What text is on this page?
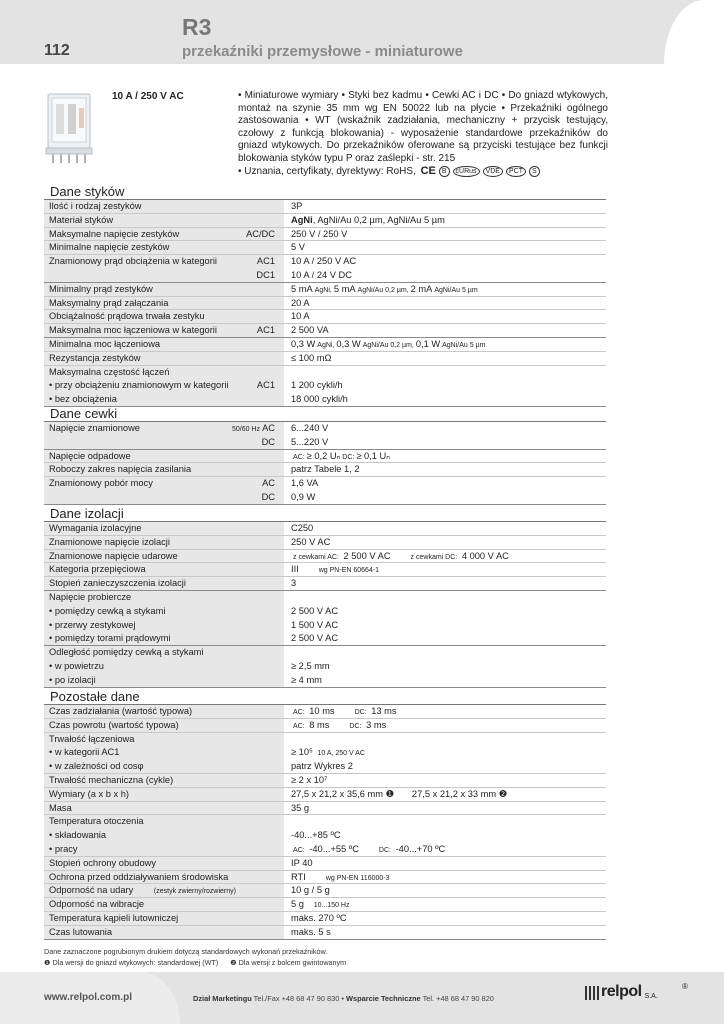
112
R3
przekaźniki przemysłowe - miniaturowe
10 A / 250 V AC	• Miniaturowe wymiary • Styki bez kadmu • Cewki AC i DC • Do gniazd wtykowych, montaż na szynie 35 mm wg EN 50022 lub na płycie • Przekaźniki ogólnego zastosowania • WT (wskaźnik zadziałania, mechaniczny + przycisk testujący, czołowy z funkcją blokowania) - wyposażenie standardowe przekaźników do gniazd wtykowych. Do przekaźników oferowane są przyciski testujące bez funkcji blokowania styków typu P oraz zaślepki - str. 215
• Uznania, certyfikaty, dyrektywy: RoHS, CE B	cURus	VDE	PCT	S
Dane styków
Ilość i rodzaj zestyków	3P
Materiał styków	AgNi, AgNi/Au 0,2 µm, AgNi/Au 5 µm
Maksymalne napięcie zestyków	AC/DC 250 V / 250 V
Minimalne napięcie zestyków	5 V
Znamionowy prąd obciążenia w kategorii	AC1 10 A / 250 V AC
DC1 10 A / 24 V DC
Minimalny prąd zestyków	5 mA AgNi, 5 mA AgNi/Au 0,2 µm, 2 mA AgNi/Au 5 µm
Maksymalny prąd załączania	20 A
Obciążalność prądowa trwała zestyku	10 A
Maksymalna moc łączeniowa w kategorii	AC1 2 500 VA
Minimalna moc łączeniowa	0,3 W AgNi, 0,3 W AgNi/Au 0,2 µm, 0,1 W AgNi/Au 5 µm
Rezystancja zestyków	≤ 100 mΩ
Maksymalna częstość łączeń
• przy obciążeniu znamionowym w kategorii	AC1 1 200 cykli/h
• bez obciążenia	18 000 cykli/h
Dane cewki
Napięcie znamionowe	50/60 Hz AC 6...240 V
DC 5...220 V
Napięcie odpadowe	AC: ≥ 0,2 Uₙ DC: ≥ 0,1 Uₙ
Roboczy zakres napięcia zasilania	patrz Tabele 1, 2
Znamionowy pobór mocy	AC 1,6 VA
DC 0,9 W
Dane izolacji
Wymagania izolacyjne	C250
Znamionowe napięcie izolacji	250 V AC
Znamionowe napięcie udarowe	z cewkami AC: 2 500 V AC	z cewkami DC: 4 000 V AC
Kategoria przepięciowa	III	wg PN-EN 60664-1
Stopień zanieczyszczenia izolacji	3
Napięcie probiercze
• pomiędzy cewką a stykami	2 500 V AC
• przerwy zestykowej	1 500 V AC
• pomiędzy torami prądowymi	2 500 V AC
Odległość pomiędzy cewką a stykami
• w powietrzu	≥ 2,5 mm
• po izolacji	≥ 4 mm
Pozostałe dane
Czas zadziałania (wartość typowa)	AC: 10 ms	DC: 13 ms
Czas powrotu (wartość typowa)	AC: 8 ms	DC: 3 ms
Trwałość łączeniowa
• w kategorii AC1	≥ 10⁵ 10 A, 250 V AC
• w zależności od cosφ	patrz Wykres 2
Trwałość mechaniczna (cykle)	≥ 2 x 10⁷
Wymiary (a x b x h)	27,5 x 21,2 x 35,6 mm ❶ 27,5 x 21,2 x 33 mm ❷
Masa	35 g
Temperatura otoczenia
• składowania	-40...+85 ºC
• pracy	AC: -40...+55 ºC	DC: -40...+70 ºC
Stopień ochrony obudowy	IP 40
Ochrona przed oddziaływaniem środowiska	RTI	wg PN-EN 116000-3
Odporność na udary	(zestyk zwierny/rozwierny)	10 g / 5 g
Odporność na wibracje	5 g 10...150 Hz
Temperatura kąpieli lutowniczej	maks. 270 ºC
Czas lutowania	maks. 5 s
Dane zaznaczone pogrubionym drukiem dotyczą standardowych wykonań przekaźników.
❶ Dla wersji do gniazd wtykowych: standardowej (WT) ❷ Dla wersji z bolcem gwintowanym
www.relpol.com.pl	Dział Marketingu Tel./Fax +48 68 47 90 830 • Wsparcie Techniczne Tel. +48 68 47 90 820	relpol S.A.
®
